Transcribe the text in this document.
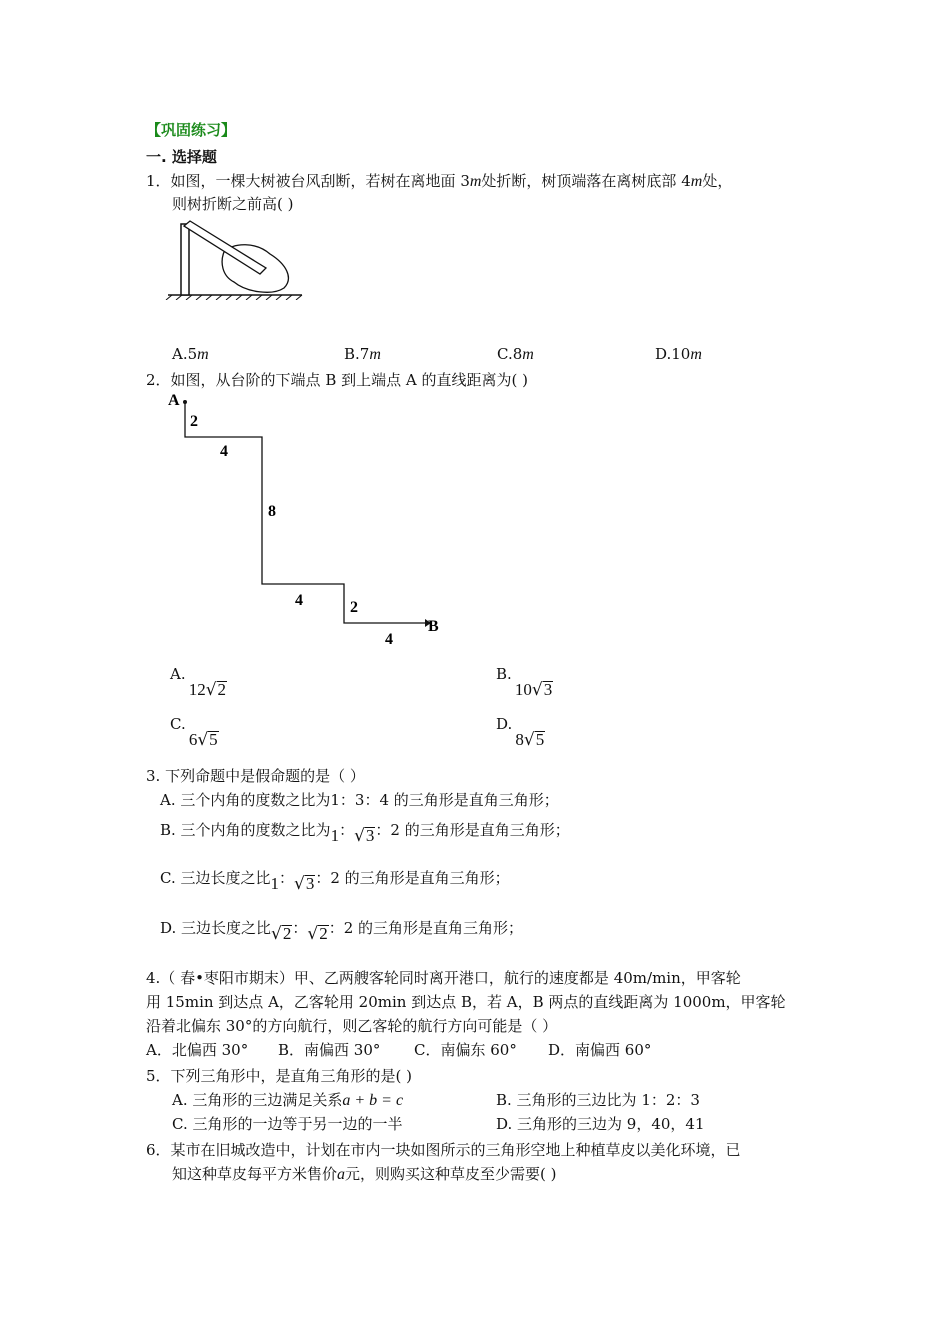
【巩固练习】
一. 选择题
1．如图，一棵大树被台风刮断，若树在离地面 3m处折断，树顶端落在离树底部 4m处，
则树折断之前高( )
A.5m	B.7m	C.8m	D.10m
2．如图，从台阶的下端点 B 到上端点 A 的直线距离为( )
A
B
2
4
8
4	2
4
A. 12√2
B. 10√3
C. 6√5
D. 8√5
3. 下列命题中是假命题的是（ ）
A. 三个内角的度数之比为1：3：4 的三角形是直角三角形；
B. 三个内角的度数之比为1：√3：2 的三角形是直角三角形；
C. 三边长度之比1：√3：2 的三角形是直角三角形；
D. 三边长度之比√2：√2：2 的三角形是直角三角形；
4.（ 春•枣阳市期末）甲、乙两艘客轮同时离开港口，航行的速度都是 40m/min，甲客轮
用 15min 到达点 A，乙客轮用 20min 到达点 B，若 A，B 两点的直线距离为 1000m，甲客轮
沿着北偏东 30°的方向航行，则乙客轮的航行方向可能是（ ）
A．北偏西 30° B．南偏西 30° C．南偏东 60° D．南偏西 60°
5．下列三角形中，是直角三角形的是( )
A. 三角形的三边满足关系a + b = c	B. 三角形的三边比为 1：2：3
C. 三角形的一边等于另一边的一半	D. 三角形的三边为 9，40，41
6．某市在旧城改造中，计划在市内一块如图所示的三角形空地上种植草皮以美化环境，已
知这种草皮每平方米售价a元，则购买这种草皮至少需要( )
